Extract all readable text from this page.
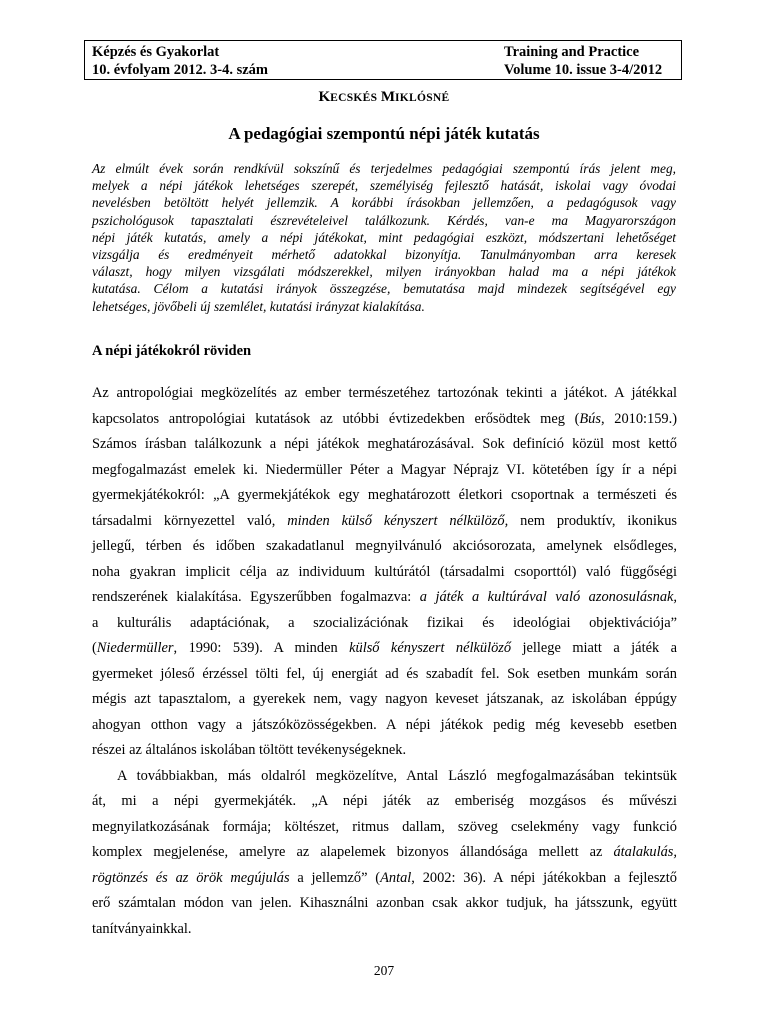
Képzés és Gyakorlat
10. évfolyam 2012. 3-4. szám
Training and Practice
Volume 10. issue 3-4/2012
KECSKÉS MIKLÓSNÉ
A pedagógiai szempontú népi játék kutatás
Az elmúlt évek során rendkívül sokszínű és terjedelmes pedagógiai szempontú írás jelent meg,
melyek a népi játékok lehetséges szerepét, személyiség fejlesztő hatását, iskolai vagy óvodai
nevelésben betöltött helyét jellemzik. A korábbi írásokban jellemzően, a pedagógusok vagy
pszichológusok tapasztalati észrevételeivel találkozunk. Kérdés, van-e ma Magyarországon
népi játék kutatás, amely a népi játékokat, mint pedagógiai eszközt, módszertani lehetőséget
vizsgálja és eredményeit mérhető adatokkal bizonyítja. Tanulmányomban arra keresek
választ, hogy milyen vizsgálati módszerekkel, milyen irányokban halad ma a népi játékok
kutatása. Célom a kutatási irányok összegzése, bemutatása majd mindezek segítségével egy
lehetséges, jövőbeli új szemlélet, kutatási irányzat kialakítása.
A népi játékokról röviden
Az antropológiai megközelítés az ember természetéhez tartozónak tekinti a játékot. A játékkal
kapcsolatos antropológiai kutatások az utóbbi évtizedekben erősödtek meg (Bús, 2010:159.)
Számos írásban találkozunk a népi játékok meghatározásával. Sok definíció közül most kettő
megfogalmazást emelek ki. Niedermüller Péter a Magyar Néprajz VI. kötetében így ír a népi
gyermekjátékokról: „A gyermekjátékok egy meghatározott életkori csoportnak a természeti és
társadalmi környezettel való, minden külső kényszert nélkülöző, nem produktív, ikonikus
jellegű, térben és időben szakadatlanul megnyilvánuló akciósorozata, amelynek elsődleges,
noha gyakran implicit célja az individuum kultúrától (társadalmi csoporttól) való függőségi
rendszerének kialakítása. Egyszerűbben fogalmazva: a játék a kultúrával való azonosulásnak,
a kulturális adaptációnak, a szocializációnak fizikai és ideológiai objektivációja”
(Niedermüller, 1990: 539). A minden külső kényszert nélkülöző jellege miatt a játék a
gyermeket jóleső érzéssel tölti fel, új energiát ad és szabadít fel. Sok esetben munkám során
mégis azt tapasztalom, a gyerekek nem, vagy nagyon keveset játszanak, az iskolában éppúgy
ahogyan otthon vagy a játszóközösségekben. A népi játékok pedig még kevesebb esetben
részei az általános iskolában töltött tevékenységeknek.
A továbbiakban, más oldalról megközelítve, Antal László megfogalmazásában tekintsük
át, mi a népi gyermekjáték. „A népi játék az emberiség mozgásos és művészi
megnyilatkozásának formája; költészet, ritmus dallam, szöveg cselekmény vagy funkció
komplex megjelenése, amelyre az alapelemek bizonyos állandósága mellett az átalakulás,
rögtönzés és az örök megújulás a jellemző” (Antal, 2002: 36). A népi játékokban a fejlesztő
erő számtalan módon van jelen. Kihasználni azonban csak akkor tudjuk, ha játsszunk, együtt
tanítványainkkal.
207
